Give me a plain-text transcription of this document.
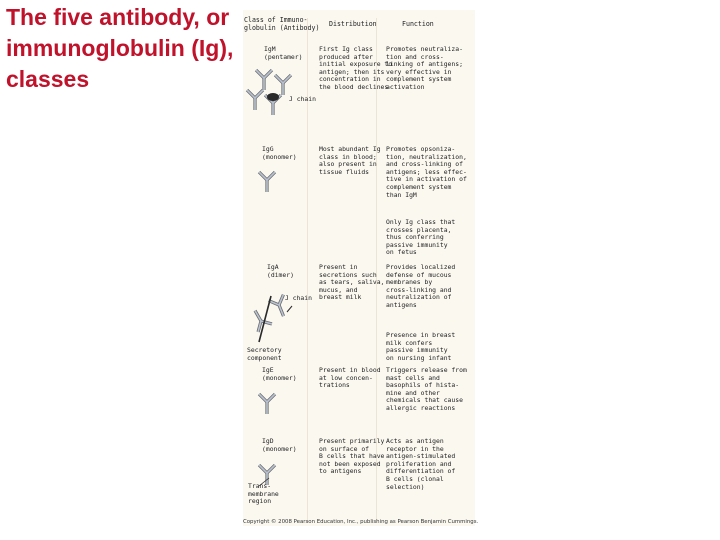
The five antibody, or immunoglobulin (Ig), classes
Class of Immuno-
globulin (Antibody) Distribution	Function
IgM
(pentamer)
J chain
First Ig class
produced after
initial exposure to
antigen; then its
concentration in
the blood declines
Promotes neutraliza-
tion and cross-
linking of antigens;
very effective in
complement system
activation
IgG
(monomer)
Most abundant Ig
class in blood;
also present in
tissue fluids
Promotes opsoniza-
tion, neutralization,
and cross-linking of
antigens; less effec-
tive in activation of
complement system
than IgM
Only Ig class that
crosses placenta,
thus conferring
passive immunity
on fetus
IgA
(dimer)
J chain
Secretory
component
Present in
secretions such
as tears, saliva,
mucus, and
breast milk
Provides localized
defense of mucous
membranes by
cross-linking and
neutralization of
antigens
Presence in breast
milk confers
passive immunity
on nursing infant
IgE
(monomer)
Present in blood
at low concen-
trations
Triggers release from
mast cells and
basophils of hista-
mine and other
chemicals that cause
allergic reactions
IgD
(monomer)
Trans-
membrane
region
Present primarily
on surface of
B cells that have
not been exposed
to antigens
Acts as antigen
receptor in the
antigen-stimulated
proliferation and
differentiation of
B cells (clonal
selection)
Copyright © 2008 Pearson Education, Inc., publishing as Pearson Benjamin Cummings.
